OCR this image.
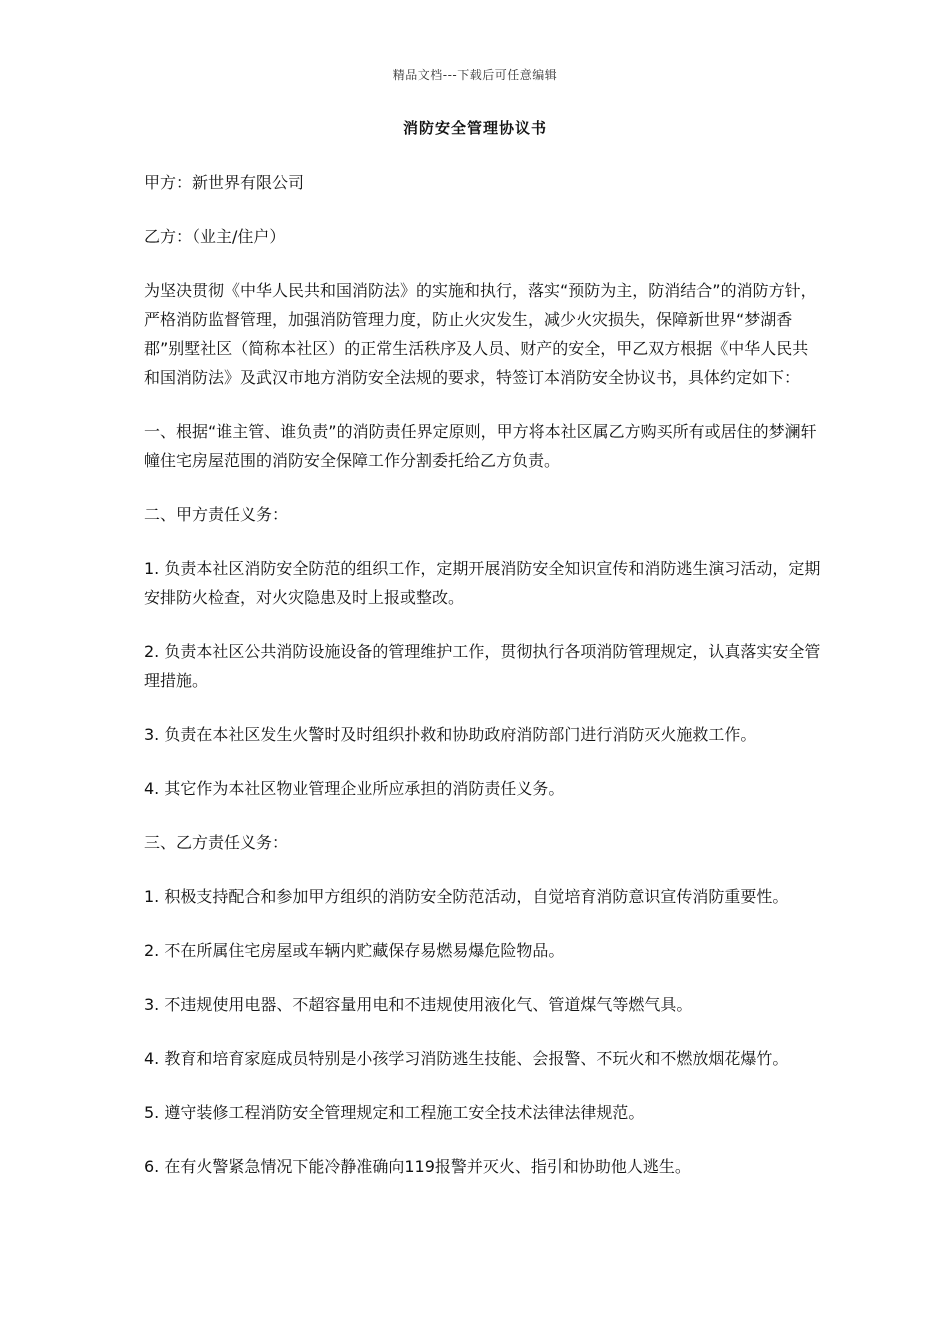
精品文档---下载后可任意编辑
消防安全管理协议书

甲方：新世界有限公司

乙方：（业主/住户）

为坚决贯彻《中华人民共和国消防法》的实施和执行，落实“预防为主，防消结合”的消防方针，严格消防监督管理，加强消防管理力度，防止火灾发生，减少火灾损失，保障新世界“梦湖香郡”别墅社区（简称本社区）的正常生活秩序及人员、财产的安全，甲乙双方根据《中华人民共和国消防法》及武汉市地方消防安全法规的要求，特签订本消防安全协议书，具体约定如下：

一、根据“谁主管、谁负责”的消防责任界定原则，甲方将本社区属乙方购买所有或居住的梦澜轩 幢住宅房屋范围的消防安全保障工作分割委托给乙方负责。

二、甲方责任义务：

1. 负责本社区消防安全防范的组织工作，定期开展消防安全知识宣传和消防逃生演习活动，定期安排防火检查，对火灾隐患及时上报或整改。

2. 负责本社区公共消防设施设备的管理维护工作，贯彻执行各项消防管理规定，认真落实安全管理措施。

3. 负责在本社区发生火警时及时组织扑救和协助政府消防部门进行消防灭火施救工作。

4. 其它作为本社区物业管理企业所应承担的消防责任义务。

三、乙方责任义务：

1. 积极支持配合和参加甲方组织的消防安全防范活动，自觉培育消防意识宣传消防重要性。

2. 不在所属住宅房屋或车辆内贮藏保存易燃易爆危险物品。

3. 不违规使用电器、不超容量用电和不违规使用液化气、管道煤气等燃气具。

4. 教育和培育家庭成员特别是小孩学习消防逃生技能、会报警、不玩火和不燃放烟花爆竹。

5. 遵守装修工程消防安全管理规定和工程施工安全技术法律法律规范。

6. 在有火警紧急情况下能冷静准确向119报警并灭火、指引和协助他人逃生。
